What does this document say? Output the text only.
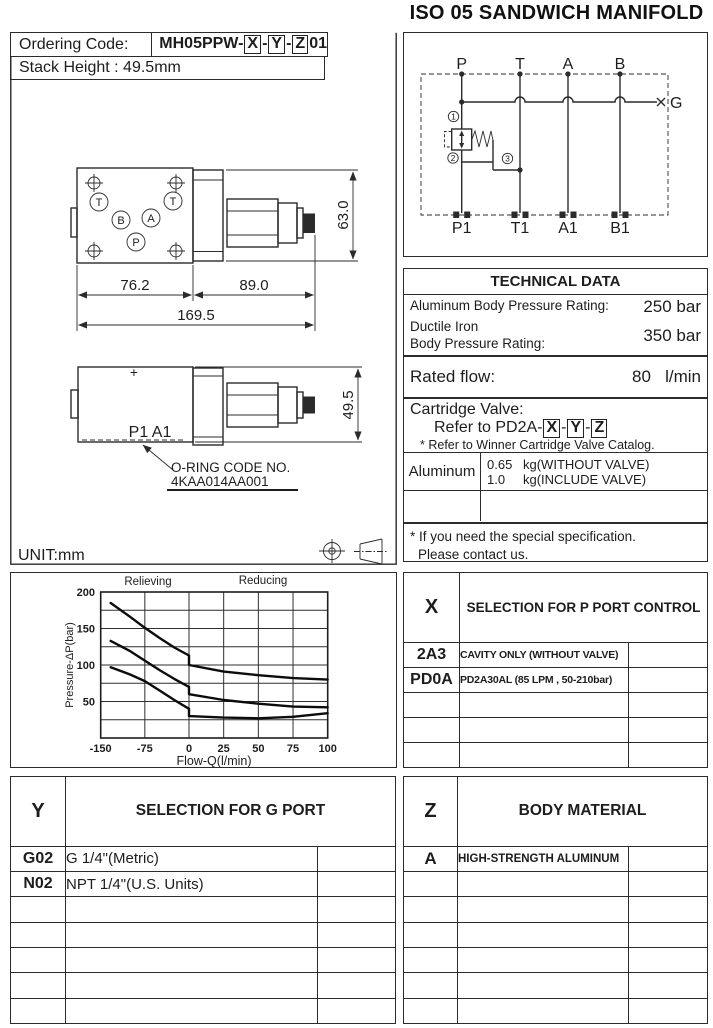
ISO 05 SANDWICH MANIFOLD
T	T
B A
P
63.0
76.2	89.0
169.5
+
P1 A1
O-RING CODE NO.
4KAA014AA001
49.5
UNIT:mm
Ordering Code:	MH05PPW- X - Y - Z 01
Stack Height : 49.5mm	P	T A	B
G
1
2	3
P1 T1 A1 B1
TECHNICAL DATA
Aluminum Body Pressure Rating: 250 bar
Ductile Iron
Body Pressure Rating:	350 bar
Rated flow:	80 l/min
Cartridge Valve:
Refer to PD2A- X - Y - Z
* Refer to Winner Cartridge Valve Catalog.
Aluminum 0.65 kg(WITHOUT VALVE)
1.0	kg(INCLUDE VALVE)
* If you need the special specification.
Please contact us.
Relieving	Reducing
-150 -75	0 25 50 75 100
50
100
150
200
Flow-Q(l/min)
Pressure-ΔP(bar)
X	SELECTION FOR P PORT CONTROL	
2A3	CAVITY ONLY (WITHOUT VALVE)	
PD0A	PD2A30AL (85 LPM , 50-210bar)	

Y	SELECTION FOR G PORT	
G02	G 1/4"(Metric)	
N02	NPT 1/4"(U.S. Units)	

Z	BODY MATERIAL	
A	HIGH-STRENGTH ALUMINUM	
